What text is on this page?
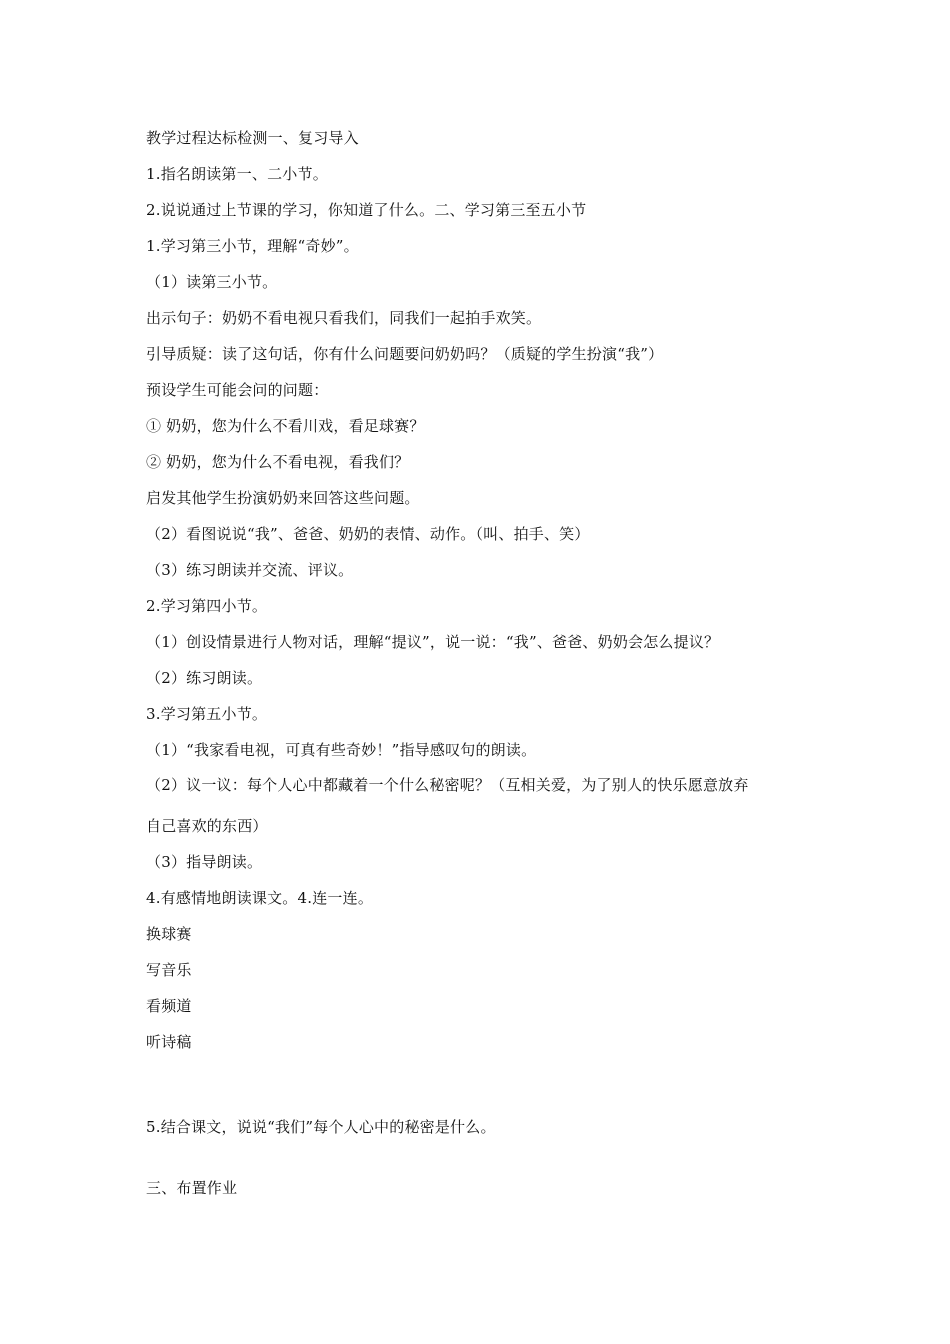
教学过程达标检测一、复习导入
1.指名朗读第一、二小节。
2.说说通过上节课的学习，你知道了什么。二、学习第三至五小节
1.学习第三小节，理解“奇妙”。
（1）读第三小节。
出示句子：奶奶不看电视只看我们，同我们一起拍手欢笑。
引导质疑：读了这句话，你有什么问题要问奶奶吗？（质疑的学生扮演“我”）
预设学生可能会问的问题：
① 奶奶，您为什么不看川戏，看足球赛？
② 奶奶，您为什么不看电视，看我们？
启发其他学生扮演奶奶来回答这些问题。
（2）看图说说“我”、爸爸、奶奶的表情、动作。（叫、拍手、笑）
（3）练习朗读并交流、评议。
2.学习第四小节。
（1）创设情景进行人物对话，理解“提议”，说一说：“我”、爸爸、奶奶会怎么提议？
（2）练习朗读。
3.学习第五小节。
（1）“我家看电视，可真有些奇妙！”指导感叹句的朗读。
（2）议一议：每个人心中都藏着一个什么秘密呢？（互相关爱，为了别人的快乐愿意放弃
自己喜欢的东西）
（3）指导朗读。
4.有感情地朗读课文。4.连一连。
换球赛
写音乐
看频道
听诗稿
5.结合课文，说说“我们”每个人心中的秘密是什么。
三、布置作业
